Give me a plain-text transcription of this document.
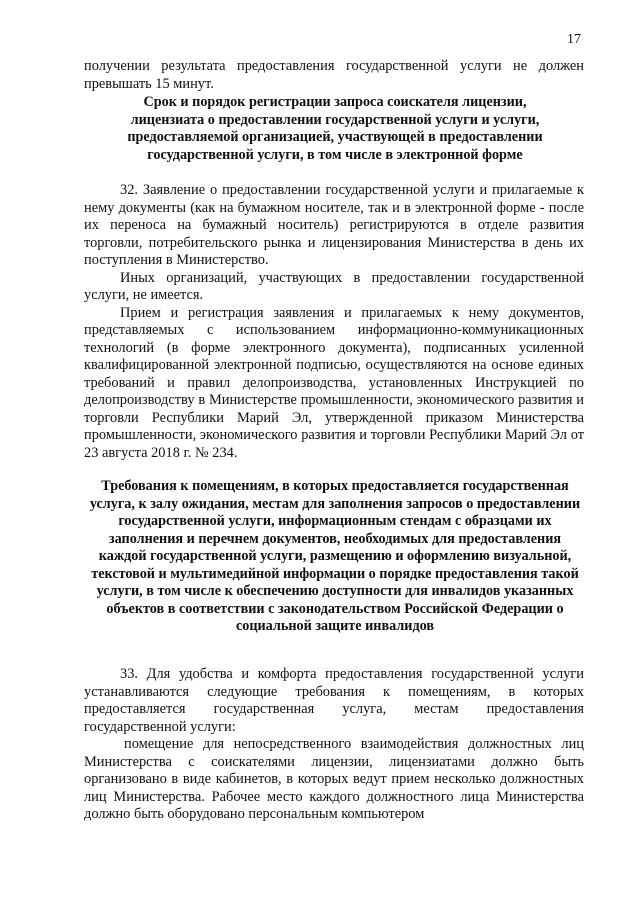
17

получении результата предоставления государственной услуги не должен превышать 15 минут.

Срок и порядок регистрации запроса соискателя лицензии, лицензиата о предоставлении государственной услуги и услуги, предоставляемой организацией, участвующей в предоставлении государственной услуги, в том числе в электронной форме

32. Заявление о предоставлении государственной услуги и прилагаемые к нему документы (как на бумажном носителе, так и в электронной форме - после их переноса на бумажный носитель) регистрируются в отделе развития торговли, потребительского рынка и лицензирования Министерства в день их поступления в Министерство.

Иных организаций, участвующих в предоставлении государственной услуги, не имеется.

Прием и регистрация заявления и прилагаемых к нему документов, представляемых с использованием информационно-коммуникационных технологий (в форме электронного документа), подписанных усиленной квалифицированной электронной подписью, осуществляются на основе единых требований и правил делопроизводства, установленных Инструкцией по делопроизводству в Министерстве промышленности, экономического развития и торговли Республики Марий Эл, утвержденной приказом Министерства промышленности, экономического развития и торговли Республики Марий Эл от 23 августа 2018 г. № 234.

Требования к помещениям, в которых предоставляется государственная услуга, к залу ожидания, местам для заполнения запросов о предоставлении государственной услуги, информационным стендам с образцами их заполнения и перечнем документов, необходимых для предоставления каждой государственной услуги, размещению и оформлению визуальной, текстовой и мультимедийной информации о порядке предоставления такой услуги, в том числе к обеспечению доступности для инвалидов указанных объектов в соответствии с законодательством Российской Федерации о социальной защите инвалидов

33. Для удобства и комфорта предоставления государственной услуги устанавливаются следующие требования к помещениям, в которых предоставляется государственная услуга, местам предоставления государственной услуги:

помещение для непосредственного взаимодействия должностных лиц Министерства с соискателями лицензии, лицензиатами должно быть организовано в виде кабинетов, в которых ведут прием несколько должностных лиц Министерства. Рабочее место каждого должностного лица Министерства должно быть оборудовано персональным компьютером
